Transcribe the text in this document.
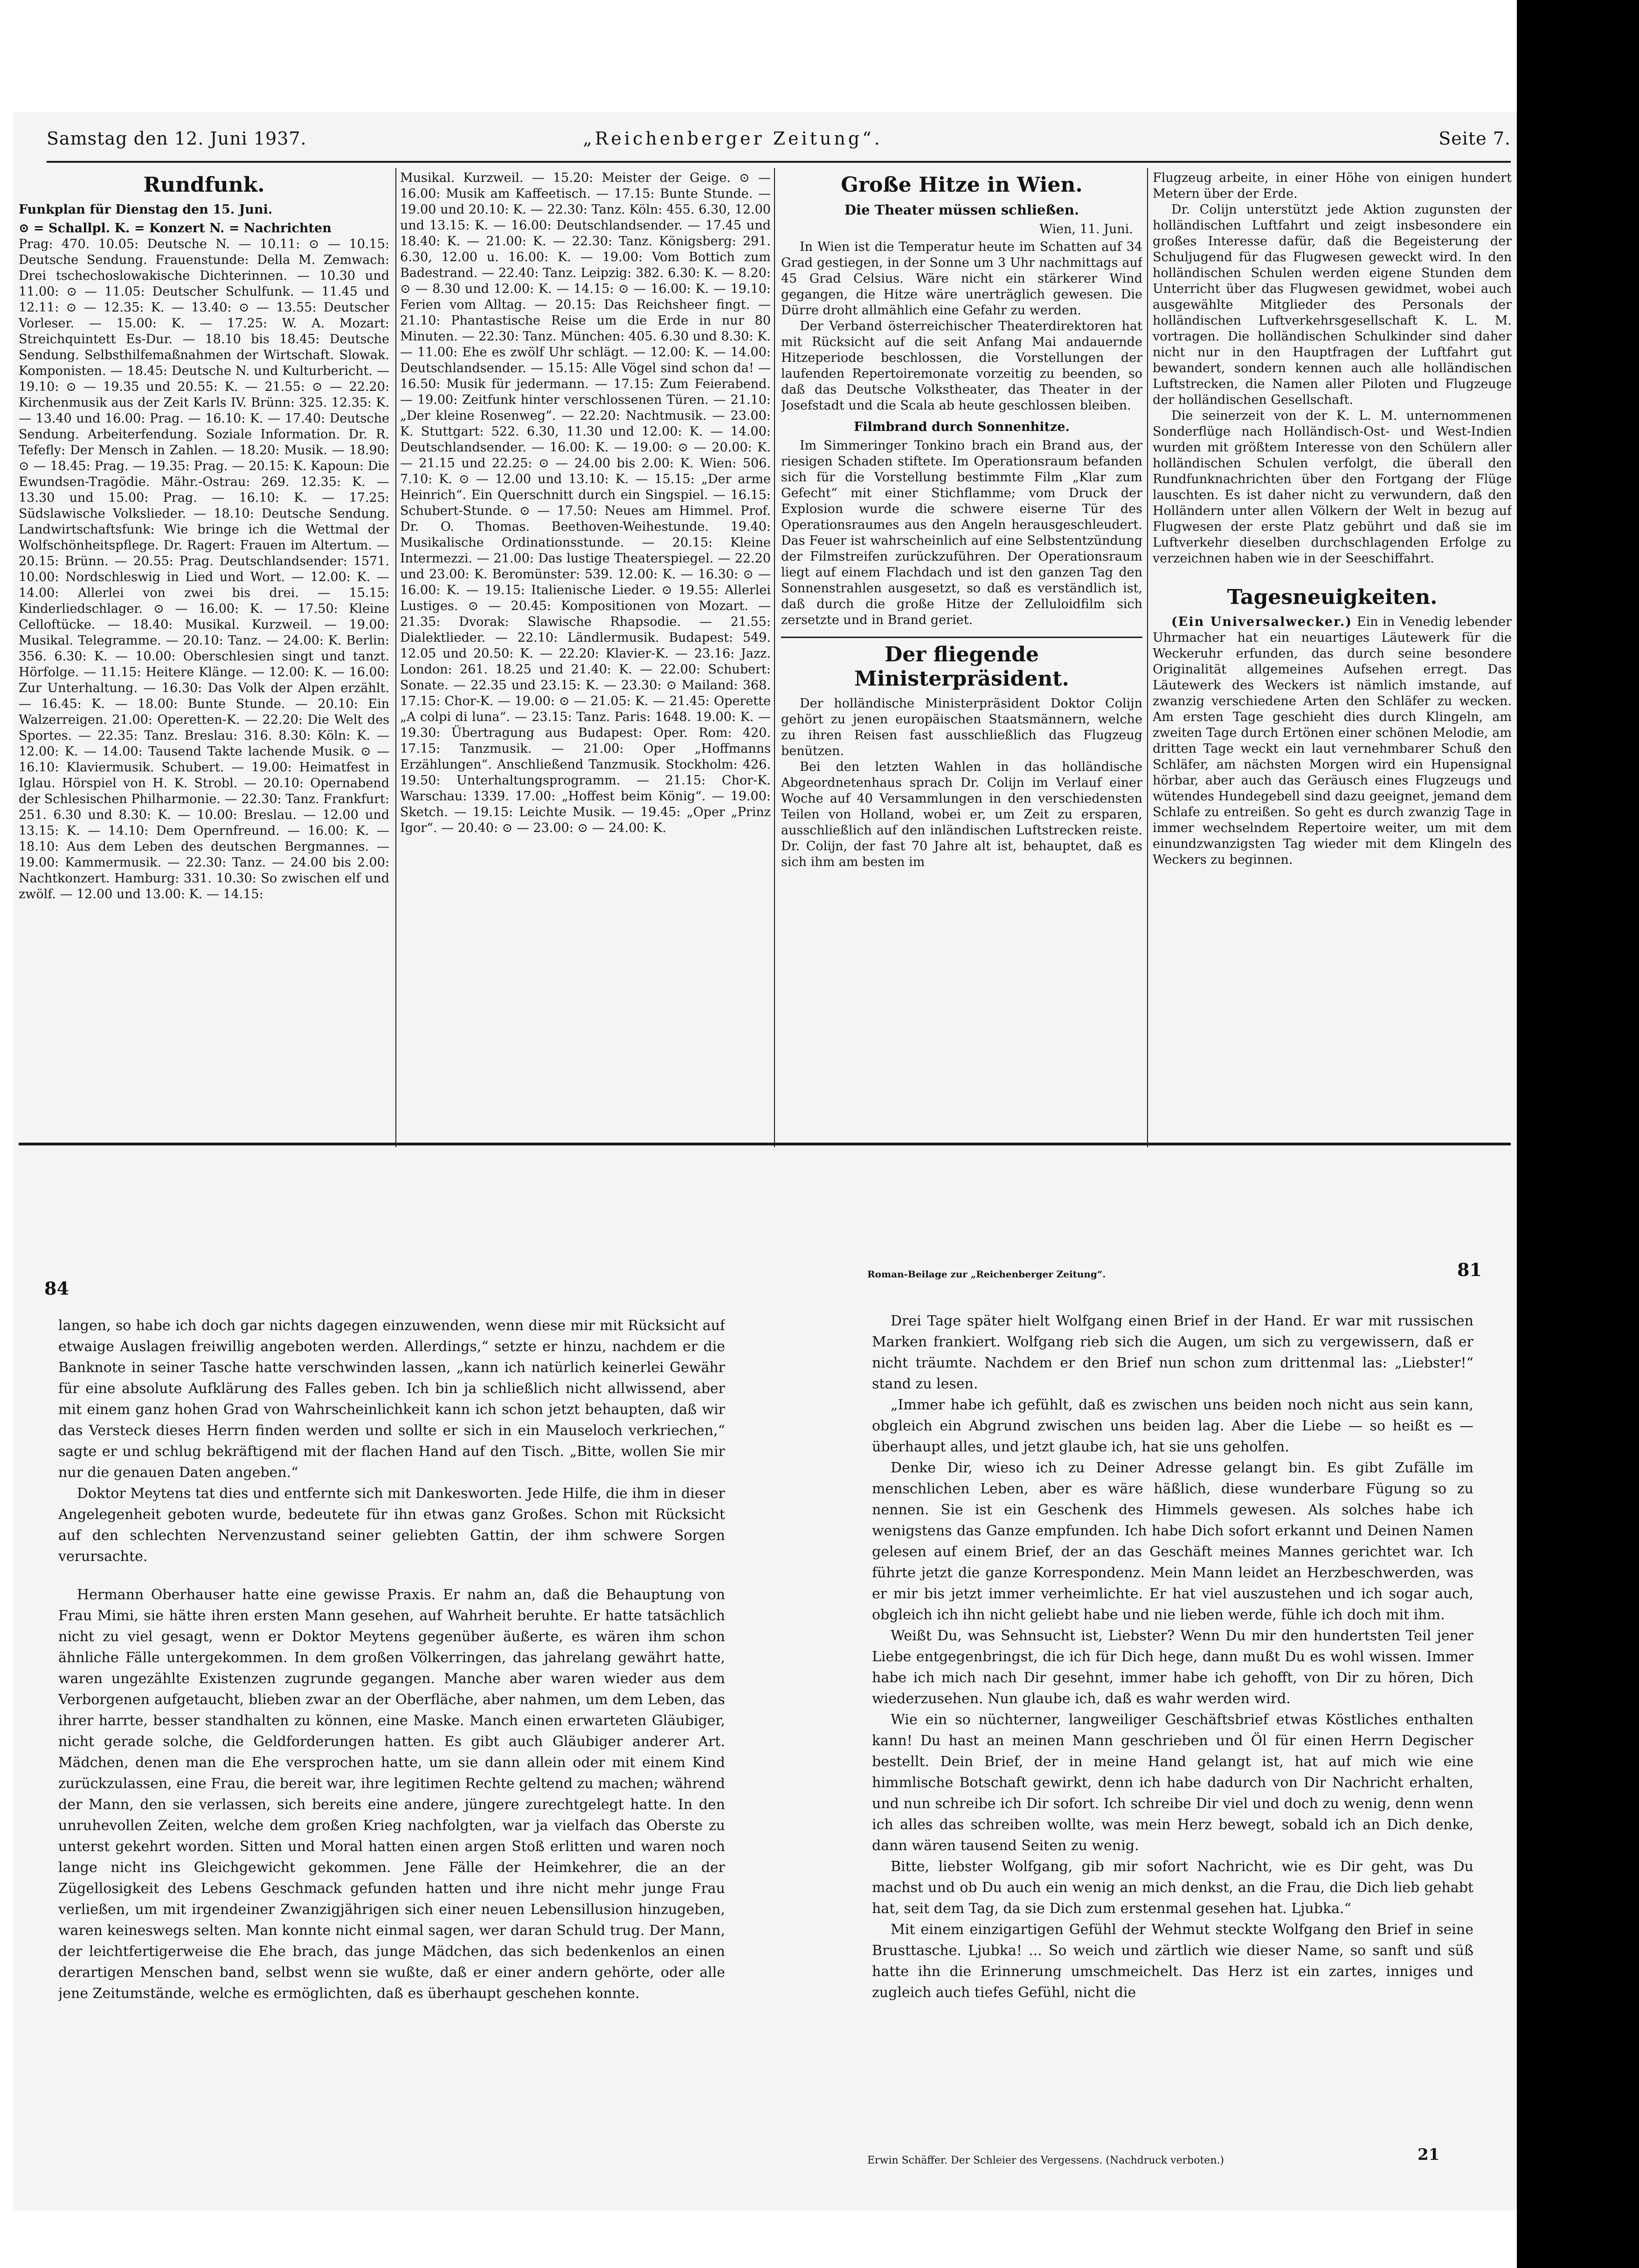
Samstag den 12. Juni 1937.	„Reichenberger Zeitung“.	Seite 7.
Rundfunk.
Funkplan für Dienstag den 15. Juni.
⊙ = Schallpl. K. = Konzert N. = Nachrichten

Prag: 470. 10.05: Deutsche N. — 10.11: ⊙ — 10.15: Deutsche Sendung. Frauenstunde: Della M. Zemwach: Drei tschechoslowakische Dichterinnen. — 10.30 und 11.00: ⊙ — 11.05: Deutscher Schulfunk. — 11.45 und 12.11: ⊙ — 12.35: K. — 13.40: ⊙ — 13.55: Deutscher Vorleser. — 15.00: K. — 17.25: W. A. Mozart: Streichquintett Es-Dur. — 18.10 bis 18.45: Deutsche Sendung. Selbsthilfemaßnahmen der Wirtschaft. Slowak. Komponisten. — 18.45: Deutsche N. und Kulturbericht. — 19.10: ⊙ — 19.35 und 20.55: K. — 21.55: ⊙ — 22.20: Kirchenmusik aus der Zeit Karls IV. Brünn: 325. 12.35: K. — 13.40 und 16.00: Prag. — 16.10: K. — 17.40: Deutsche Sendung. Arbeiterfendung. Soziale Information. Dr. R. Tefefly: Der Mensch in Zahlen. — 18.20: Musik. — 18.90: ⊙ — 18.45: Prag. — 19.35: Prag. — 20.15: K. Kapoun: Die Ewundsen-Tragödie. Mähr.-Ostrau: 269. 12.35: K. — 13.30 und 15.00: Prag. — 16.10: K. — 17.25: Südslawische Volkslieder. — 18.10: Deutsche Sendung. Landwirtschaftsfunk: Wie bringe ich die Wettmal der Wolfschönheitspflege. Dr. Ragert: Frauen im Altertum. — 20.15: Brünn. — 20.55: Prag. Deutschlandsender: 1571. 10.00: Nordschleswig in Lied und Wort. — 12.00: K. — 14.00: Allerlei von zwei bis drei. — 15.15: Kinderliedschlager. ⊙ — 16.00: K. — 17.50: Kleine Celloftücke. — 18.40: Musikal. Kurzweil. — 19.00: Musikal. Telegramme. — 20.10: Tanz. — 24.00: K. Berlin: 356. 6.30: K. — 10.00: Oberschlesien singt und tanzt. Hörfolge. — 11.15: Heitere Klänge. — 12.00: K. — 16.00: Zur Unterhaltung. — 16.30: Das Volk der Alpen erzählt. — 16.45: K. — 18.00: Bunte Stunde. — 20.10: Ein Walzerreigen. 21.00: Operetten-K. — 22.20: Die Welt des Sportes. — 22.35: Tanz. Breslau: 316. 8.30: Köln: K. — 12.00: K. — 14.00: Tausend Takte lachende Musik. ⊙ — 16.10: Klaviermusik. Schubert. — 19.00: Heimatfest in Iglau. Hörspiel von H. K. Strobl. — 20.10: Opernabend der Schlesischen Philharmonie. — 22.30: Tanz. Frankfurt: 251. 6.30 und 8.30: K. — 10.00: Breslau. — 12.00 und 13.15: K. — 14.10: Dem Opernfreund. — 16.00: K. — 18.10: Aus dem Leben des deutschen Bergmannes. — 19.00: Kammermusik. — 22.30: Tanz. — 24.00 bis 2.00: Nachtkonzert. Hamburg: 331. 10.30: So zwischen elf und zwölf. — 12.00 und 13.00: K. — 14.15:

Musikal. Kurzweil. — 15.20: Meister der Geige. ⊙ — 16.00: Musik am Kaffeetisch. — 17.15: Bunte Stunde. — 19.00 und 20.10: K. — 22.30: Tanz. Köln: 455. 6.30, 12.00 und 13.15: K. — 16.00: Deutschlandsender. — 17.45 und 18.40: K. — 21.00: K. — 22.30: Tanz. Königsberg: 291. 6.30, 12.00 u. 16.00: K. — 19.00: Vom Bottich zum Badestrand. — 22.40: Tanz. Leipzig: 382. 6.30: K. — 8.20: ⊙ — 8.30 und 12.00: K. — 14.15: ⊙ — 16.00: K. — 19.10: Ferien vom Alltag. — 20.15: Das Reichsheer fingt. — 21.10: Phantastische Reise um die Erde in nur 80 Minuten. — 22.30: Tanz. München: 405. 6.30 und 8.30: K. — 11.00: Ehe es zwölf Uhr schlägt. — 12.00: K. — 14.00: Deutschlandsender. — 15.15: Alle Vögel sind schon da! — 16.50: Musik für jedermann. — 17.15: Zum Feierabend. — 19.00: Zeitfunk hinter verschlossenen Türen. — 21.10: „Der kleine Rosenweg“. — 22.20: Nachtmusik. — 23.00: K. Stuttgart: 522. 6.30, 11.30 und 12.00: K. — 14.00: Deutschlandsender. — 16.00: K. — 19.00: ⊙ — 20.00: K. — 21.15 und 22.25: ⊙ — 24.00 bis 2.00: K. Wien: 506. 7.10: K. ⊙ — 12.00 und 13.10: K. — 15.15: „Der arme Heinrich“. Ein Querschnitt durch ein Singspiel. — 16.15: Schubert-Stunde. ⊙ — 17.50: Neues am Himmel. Prof. Dr. O. Thomas. Beethoven-Weihestunde. 19.40: Musikalische Ordinationsstunde. — 20.15: Kleine Intermezzi. — 21.00: Das lustige Theaterspiegel. — 22.20 und 23.00: K. Beromünster: 539. 12.00: K. — 16.30: ⊙ — 16.00: K. — 19.15: Italienische Lieder. ⊙ 19.55: Allerlei Lustiges. ⊙ — 20.45: Kompositionen von Mozart. — 21.35: Dvorak: Slawische Rhapsodie. — 21.55: Dialektlieder. — 22.10: Ländlermusik. Budapest: 549. 12.05 und 20.50: K. — 22.20: Klavier-K. — 23.16: Jazz. London: 261. 18.25 und 21.40: K. — 22.00: Schubert: Sonate. — 22.35 und 23.15: K. — 23.30: ⊙ Mailand: 368. 17.15: Chor-K. — 19.00: ⊙ — 21.05: K. — 21.45: Operette „A colpi di luna“. — 23.15: Tanz. Paris: 1648. 19.00: K. — 19.30: Übertragung aus Budapest: Oper. Rom: 420. 17.15: Tanzmusik. — 21.00: Oper „Hoffmanns Erzählungen“. Anschließend Tanzmusik. Stockholm: 426. 19.50: Unterhaltungsprogramm. — 21.15: Chor-K. Warschau: 1339. 17.00: „Hoffest beim König“. — 19.00: Sketch. — 19.15: Leichte Musik. — 19.45: „Oper „Prinz Igor“. — 20.40: ⊙ — 23.00: ⊙ — 24.00: K.

Große Hitze in Wien.
Die Theater müssen schließen.
Wien, 11. Juni.

In Wien ist die Temperatur heute im Schatten auf 34 Grad gestiegen, in der Sonne um 3 Uhr nachmittags auf 45 Grad Celsius. Wäre nicht ein stärkerer Wind gegangen, die Hitze wäre unerträglich gewesen. Die Dürre droht allmählich eine Gefahr zu werden.

Der Verband österreichischer Theaterdirektoren hat mit Rücksicht auf die seit Anfang Mai andauernde Hitzeperiode beschlossen, die Vorstellungen der laufenden Repertoiremonate vorzeitig zu beenden, so daß das Deutsche Volkstheater, das Theater in der Josefstadt und die Scala ab heute geschlossen bleiben.

Filmbrand durch Sonnenhitze.

Im Simmeringer Tonkino brach ein Brand aus, der riesigen Schaden stiftete. Im Operationsraum befanden sich für die Vorstellung bestimmte Film „Klar zum Gefecht“ mit einer Stichflamme; vom Druck der Explosion wurde die schwere eiserne Tür des Operationsraumes aus den Angeln herausgeschleudert. Das Feuer ist wahrscheinlich auf eine Selbstentzündung der Filmstreifen zurückzuführen. Der Operationsraum liegt auf einem Flachdach und ist den ganzen Tag den Sonnenstrahlen ausgesetzt, so daß es verständlich ist, daß durch die große Hitze der Zelluloidfilm sich zersetzte und in Brand geriet.

Der fliegende Ministerpräsident.

Der holländische Ministerpräsident Doktor Colijn gehört zu jenen europäischen Staatsmännern, welche zu ihren Reisen fast ausschließlich das Flugzeug benützen.

Bei den letzten Wahlen in das holländische Abgeordnetenhaus sprach Dr. Colijn im Verlauf einer Woche auf 40 Versammlungen in den verschiedensten Teilen von Holland, wobei er, um Zeit zu ersparen, ausschließlich auf den inländischen Luftstrecken reiste. Dr. Colijn, der fast 70 Jahre alt ist, behauptet, daß es sich ihm am besten im

Flugzeug arbeite, in einer Höhe von einigen hundert Metern über der Erde.

Dr. Colijn unterstützt jede Aktion zugunsten der holländischen Luftfahrt und zeigt insbesondere ein großes Interesse dafür, daß die Begeisterung der Schuljugend für das Flugwesen geweckt wird. In den holländischen Schulen werden eigene Stunden dem Unterricht über das Flugwesen gewidmet, wobei auch ausgewählte Mitglieder des Personals der holländischen Luftverkehrsgesellschaft K. L. M. vortragen. Die holländischen Schulkinder sind daher nicht nur in den Hauptfragen der Luftfahrt gut bewandert, sondern kennen auch alle holländischen Luftstrecken, die Namen aller Piloten und Flugzeuge der holländischen Gesellschaft.

Die seinerzeit von der K. L. M. unternommenen Sonderflüge nach Holländisch-Ost- und West-Indien wurden mit größtem Interesse von den Schülern aller holländischen Schulen verfolgt, die überall den Rundfunknachrichten über den Fortgang der Flüge lauschten. Es ist daher nicht zu verwundern, daß den Holländern unter allen Völkern der Welt in bezug auf Flugwesen der erste Platz gebührt und daß sie im Luftverkehr dieselben durchschlagenden Erfolge zu verzeichnen haben wie in der Seeschiffahrt.

Tagesneuigkeiten.

(Ein Universalwecker.) Ein in Venedig lebender Uhrmacher hat ein neuartiges Läutewerk für die Weckeruhr erfunden, das durch seine besondere Originalität allgemeines Aufsehen erregt. Das Läutewerk des Weckers ist nämlich imstande, auf zwanzig verschiedene Arten den Schläfer zu wecken. Am ersten Tage geschieht dies durch Klingeln, am zweiten Tage durch Ertönen einer schönen Melodie, am dritten Tage weckt ein laut vernehmbarer Schuß den Schläfer, am nächsten Morgen wird ein Hupensignal hörbar, aber auch das Geräusch eines Flugzeugs und wütendes Hundegebell sind dazu geeignet, jemand dem Schlafe zu entreißen. So geht es durch zwanzig Tage in immer wechselndem Repertoire weiter, um mit dem einundzwanzigsten Tag wieder mit dem Klingeln des Weckers zu beginnen.

84

langen, so habe ich doch gar nichts dagegen einzuwenden, wenn diese mir mit Rücksicht auf etwaige Auslagen freiwillig angeboten werden. Allerdings,“ setzte er hinzu, nachdem er die Banknote in seiner Tasche hatte verschwinden lassen, „kann ich natürlich keinerlei Gewähr für eine absolute Aufklärung des Falles geben. Ich bin ja schließlich nicht allwissend, aber mit einem ganz hohen Grad von Wahrscheinlichkeit kann ich schon jetzt behaupten, daß wir das Versteck dieses Herrn finden werden und sollte er sich in ein Mauseloch verkriechen,“ sagte er und schlug bekräftigend mit der flachen Hand auf den Tisch. „Bitte, wollen Sie mir nur die genauen Daten angeben.“

Doktor Meytens tat dies und entfernte sich mit Dankesworten. Jede Hilfe, die ihm in dieser Angelegenheit geboten wurde, bedeutete für ihn etwas ganz Großes. Schon mit Rücksicht auf den schlechten Nervenzustand seiner geliebten Gattin, der ihm schwere Sorgen verursachte.

Hermann Oberhauser hatte eine gewisse Praxis. Er nahm an, daß die Behauptung von Frau Mimi, sie hätte ihren ersten Mann gesehen, auf Wahrheit beruhte. Er hatte tatsächlich nicht zu viel gesagt, wenn er Doktor Meytens gegenüber äußerte, es wären ihm schon ähnliche Fälle untergekommen. In dem großen Völkerringen, das jahrelang gewährt hatte, waren ungezählte Existenzen zugrunde gegangen. Manche aber waren wieder aus dem Verborgenen aufgetaucht, blieben zwar an der Oberfläche, aber nahmen, um dem Leben, das ihrer harrte, besser standhalten zu können, eine Maske. Manch einen erwarteten Gläubiger, nicht gerade solche, die Geldforderungen hatten. Es gibt auch Gläubiger anderer Art. Mädchen, denen man die Ehe versprochen hatte, um sie dann allein oder mit einem Kind zurückzulassen, eine Frau, die bereit war, ihre legitimen Rechte geltend zu machen; während der Mann, den sie verlassen, sich bereits eine andere, jüngere zurechtgelegt hatte. In den unruhevollen Zeiten, welche dem großen Krieg nachfolgten, war ja vielfach das Oberste zu unterst gekehrt worden. Sitten und Moral hatten einen argen Stoß erlitten und waren noch lange nicht ins Gleichgewicht gekommen. Jene Fälle der Heimkehrer, die an der Zügellosigkeit des Lebens Geschmack gefunden hatten und ihre nicht mehr junge Frau verließen, um mit irgendeiner Zwanzigjährigen sich einer neuen Lebensillusion hinzugeben, waren keineswegs selten. Man konnte nicht einmal sagen, wer daran Schuld trug. Der Mann, der leichtfertigerweise die Ehe brach, das junge Mädchen, das sich bedenkenlos an einen derartigen Menschen band, selbst wenn sie wußte, daß er einer andern gehörte, oder alle jene Zeitumstände, welche es ermöglichten, daß es überhaupt geschehen konnte.

Roman-Beilage zur „Reichenberger Zeitung“.	81

Drei Tage später hielt Wolfgang einen Brief in der Hand. Er war mit russischen Marken frankiert. Wolfgang rieb sich die Augen, um sich zu vergewissern, daß er nicht träumte. Nachdem er den Brief nun schon zum drittenmal las: „Liebster!“ stand zu lesen.

„Immer habe ich gefühlt, daß es zwischen uns beiden noch nicht aus sein kann, obgleich ein Abgrund zwischen uns beiden lag. Aber die Liebe — so heißt es — überhaupt alles, und jetzt glaube ich, hat sie uns geholfen.

Denke Dir, wieso ich zu Deiner Adresse gelangt bin. Es gibt Zufälle im menschlichen Leben, aber es wäre häßlich, diese wunderbare Fügung so zu nennen. Sie ist ein Geschenk des Himmels gewesen. Als solches habe ich wenigstens das Ganze empfunden. Ich habe Dich sofort erkannt und Deinen Namen gelesen auf einem Brief, der an das Geschäft meines Mannes gerichtet war. Ich führte jetzt die ganze Korrespondenz. Mein Mann leidet an Herzbeschwerden, was er mir bis jetzt immer verheimlichte. Er hat viel auszustehen und ich sogar auch, obgleich ich ihn nicht geliebt habe und nie lieben werde, fühle ich doch mit ihm.

Weißt Du, was Sehnsucht ist, Liebster? Wenn Du mir den hundertsten Teil jener Liebe entgegenbringst, die ich für Dich hege, dann mußt Du es wohl wissen. Immer habe ich mich nach Dir gesehnt, immer habe ich gehofft, von Dir zu hören, Dich wiederzusehen. Nun glaube ich, daß es wahr werden wird.

Wie ein so nüchterner, langweiliger Geschäftsbrief etwas Köstliches enthalten kann! Du hast an meinen Mann geschrieben und Öl für einen Herrn Degischer bestellt. Dein Brief, der in meine Hand gelangt ist, hat auf mich wie eine himmlische Botschaft gewirkt, denn ich habe dadurch von Dir Nachricht erhalten, und nun schreibe ich Dir sofort. Ich schreibe Dir viel und doch zu wenig, denn wenn ich alles das schreiben wollte, was mein Herz bewegt, sobald ich an Dich denke, dann wären tausend Seiten zu wenig.

Bitte, liebster Wolfgang, gib mir sofort Nachricht, wie es Dir geht, was Du machst und ob Du auch ein wenig an mich denkst, an die Frau, die Dich lieb gehabt hat, seit dem Tag, da sie Dich zum erstenmal gesehen hat. Ljubka.“

Mit einem einzigartigen Gefühl der Wehmut steckte Wolfgang den Brief in seine Brusttasche. Ljubka! ... So weich und zärtlich wie dieser Name, so sanft und süß hatte ihn die Erinnerung umschmeichelt. Das Herz ist ein zartes, inniges und zugleich auch tiefes Gefühl, nicht die

Erwin Schäffer. Der Schleier des Vergessens. (Nachdruck verboten.)	21
